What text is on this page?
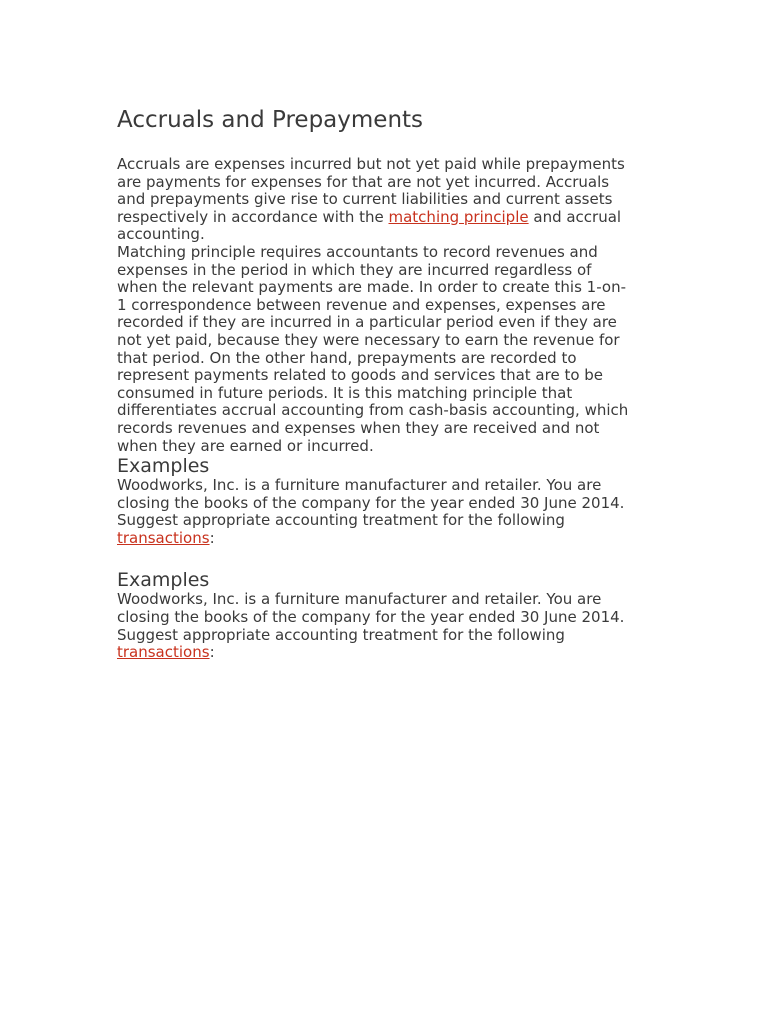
Accruals and Prepayments
Accruals are expenses incurred but not yet paid while prepayments
are payments for expenses for that are not yet incurred. Accruals
and prepayments give rise to current liabilities and current assets
respectively in accordance with the matching principle and accrual
accounting.
Matching principle requires accountants to record revenues and
expenses in the period in which they are incurred regardless of
when the relevant payments are made. In order to create this 1-on-
1 correspondence between revenue and expenses, expenses are
recorded if they are incurred in a particular period even if they are
not yet paid, because they were necessary to earn the revenue for
that period. On the other hand, prepayments are recorded to
represent payments related to goods and services that are to be
consumed in future periods. It is this matching principle that
differentiates accrual accounting from cash-basis accounting, which
records revenues and expenses when they are received and not
when they are earned or incurred.
Examples
Woodworks, Inc. is a furniture manufacturer and retailer. You are
closing the books of the company for the year ended 30 June 2014.
Suggest appropriate accounting treatment for the following
transactions:
Examples
Woodworks, Inc. is a furniture manufacturer and retailer. You are
closing the books of the company for the year ended 30 June 2014.
Suggest appropriate accounting treatment for the following
transactions:
